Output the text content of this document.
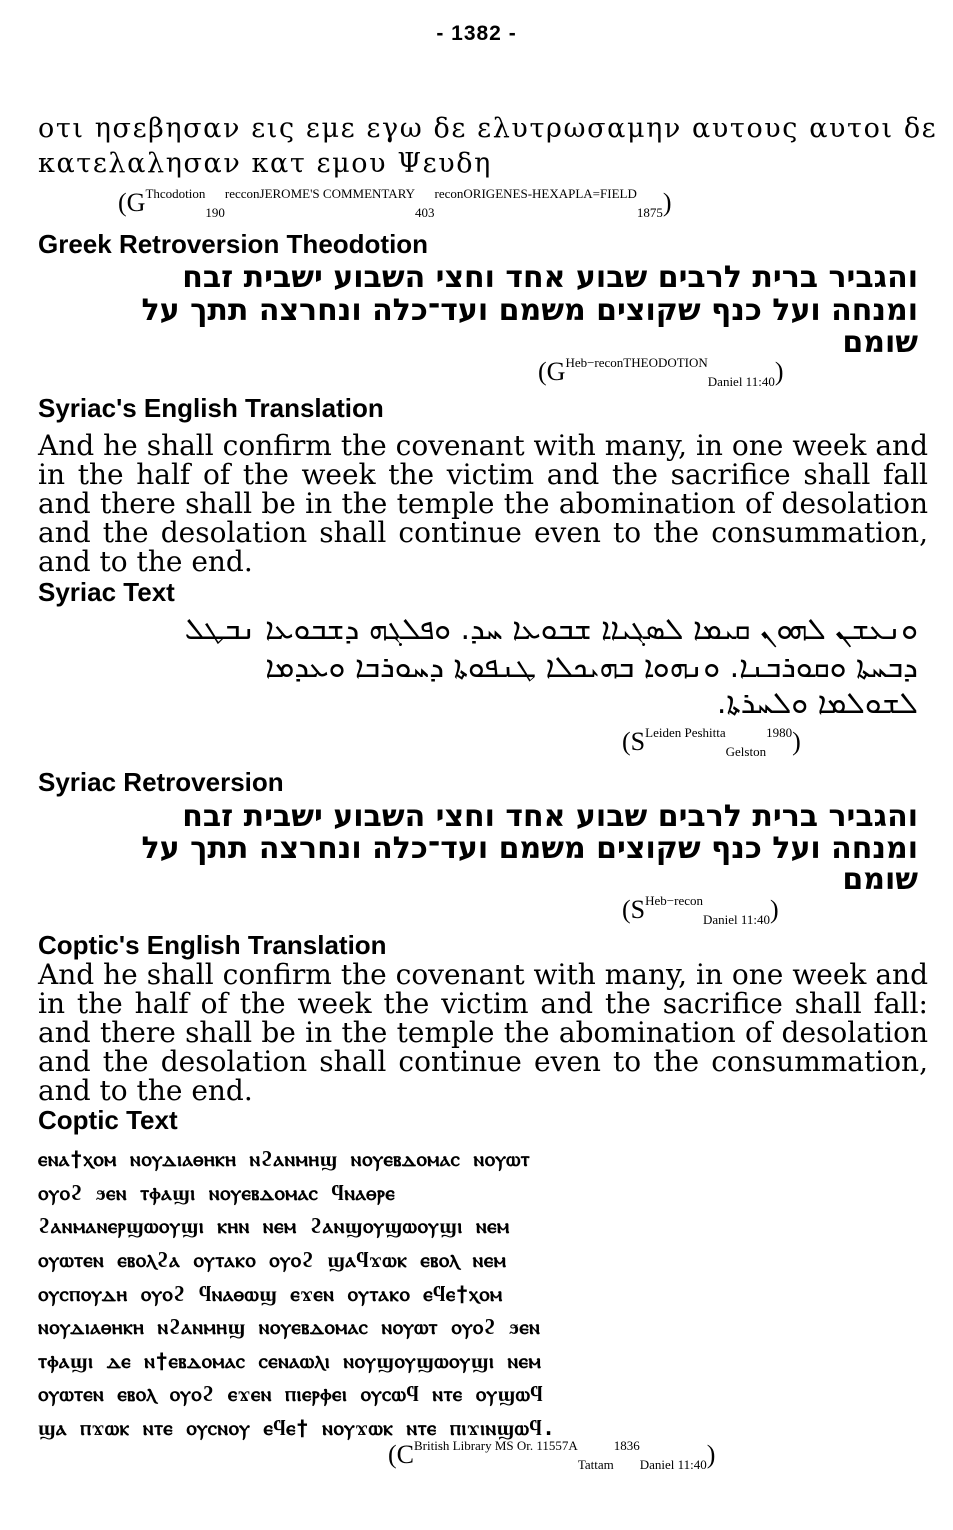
- 1382 -
οτι ησεβησαν εις εμε εγω δε ελυτρωσαμην αυτους αυτοι δε
κατελαλησαν κατ εμου Ψευδη
$(G^{Thcodotion}_{190}^{recconJEROME'S COMMENTARY}_{403}^{reconORIGENES-HEXAPLA=FIELD}_{1875})$
Greek Retroversion Theodotion
והגביר ברית לרבים שבוע אחד וחצי השבוע ישבית זבח
ומנחה ועל כנף שקוצים משמם ועד־כלה ונחרצה תתך על
שומם
$(G^{Heb-reconTHEODOTION}_{Daniel 11:40})$
Syriac's English Translation
And he shall confirm the covenant with many, in one week and in the half of the week the victim and the sacrifice shall fall and there shall be in the temple the abomination of desolation and the desolation shall continue even to the consummation, and to the end.
Syriac Text
ܘܢܥܫܢ ܠܗܘܢ ܩܝܡܐ ܠܣܓܝܐܐ ܫܒܘܥܐ ܚܕ. ܘܦܠܓܗ ܕܫܒܘܥܐ ܢܒܛܠ
ܕܒܚܬܐ ܘܩܘܪܒܢܐ. ܘܢܗܘܐ ܒܗܝܟܠܐ ܛܢܦܘܬܐ ܕܚܘܪܒܐ ܘܥܕܡܐ
ܠܫܘܠܡܐ ܘܠܚܪܬܐ.
$(S^{Leiden Peshitta}_{Gelston}^{1980})$
Syriac Retroversion
והגביר ברית לרבים שבוע אחד וחצי השבוע ישבית זבח
ומנחה ועל כנף שקוצים משמם ועד־כלה ונחרצה תתך על
שומם
$(S^{Heb-recon}_{Daniel 11:40})$
Coptic's English Translation
And he shall confirm the covenant with many, in one week and in the half of the week the victim and the sacrifice shall fall: and there shall be in the temple the abomination of desolation and the desolation shall continue even to the consummation, and to the end.
Coptic Text
ⲉⲛⲁ†ⲭⲟⲙ ⲛⲟⲩⲇⲓⲁⲑⲏⲕⲏ ⲛϩⲁⲛⲙⲏϣ ⲛⲟⲩⲉⲃⲇⲟⲙⲁⲥ ⲛⲟⲩⲱⲧ
ⲟⲩⲟϩ ϧⲉⲛ ⲧⲫⲁϣⲓ ⲛⲟⲩⲉⲃⲇⲟⲙⲁⲥ ϥⲛⲁⲑⲣⲉ
ϩⲁⲛⲙⲁⲛⲉⲣϣⲱⲟⲩϣⲓ ⲕⲏⲛ ⲛⲉⲙ ϩⲁⲛϣⲟⲩϣⲱⲟⲩϣⲓ ⲛⲉⲙ
ⲟⲩⲱⲧⲉⲛ ⲉⲃⲟⲗϩⲁ ⲟⲩⲧⲁⲕⲟ ⲟⲩⲟϩ ϣⲁϥϫⲱⲕ ⲉⲃⲟⲗ ⲛⲉⲙ
ⲟⲩⲥⲡⲟⲩⲇⲏ ⲟⲩⲟϩ ϥⲛⲁⲑⲱϣ ⲉϫⲉⲛ ⲟⲩⲧⲁⲕⲟ ⲉϥⲉ†ⲭⲟⲙ
ⲛⲟⲩⲇⲓⲁⲑⲏⲕⲏ ⲛϩⲁⲛⲙⲏϣ ⲛⲟⲩⲉⲃⲇⲟⲙⲁⲥ ⲛⲟⲩⲱⲧ ⲟⲩⲟϩ ϧⲉⲛ
ⲧⲫⲁϣⲓ ⲇⲉ ⲛ†ⲉⲃⲇⲟⲙⲁⲥ ⲥⲉⲛⲁⲱⲗⲓ ⲛⲟⲩϣⲟⲩϣⲱⲟⲩϣⲓ ⲛⲉⲙ
ⲟⲩⲱⲧⲉⲛ ⲉⲃⲟⲗ ⲟⲩⲟϩ ⲉϫⲉⲛ ⲡⲓⲉⲣⲫⲉⲓ ⲟⲩⲥⲱϥ ⲛⲧⲉ ⲟⲩϣⲱϥ
ϣⲁ ⲡϫⲱⲕ ⲛⲧⲉ ⲟⲩⲥⲛⲟⲩ ⲉϥⲉ† ⲛⲟⲩϫⲱⲕ ⲛⲧⲉ ⲡⲓϫⲓⲛϣⲱϥ.
$(C^{British Library MS Or. 11557A}_{Tattam}^{1836}_{Daniel 11:40})$
